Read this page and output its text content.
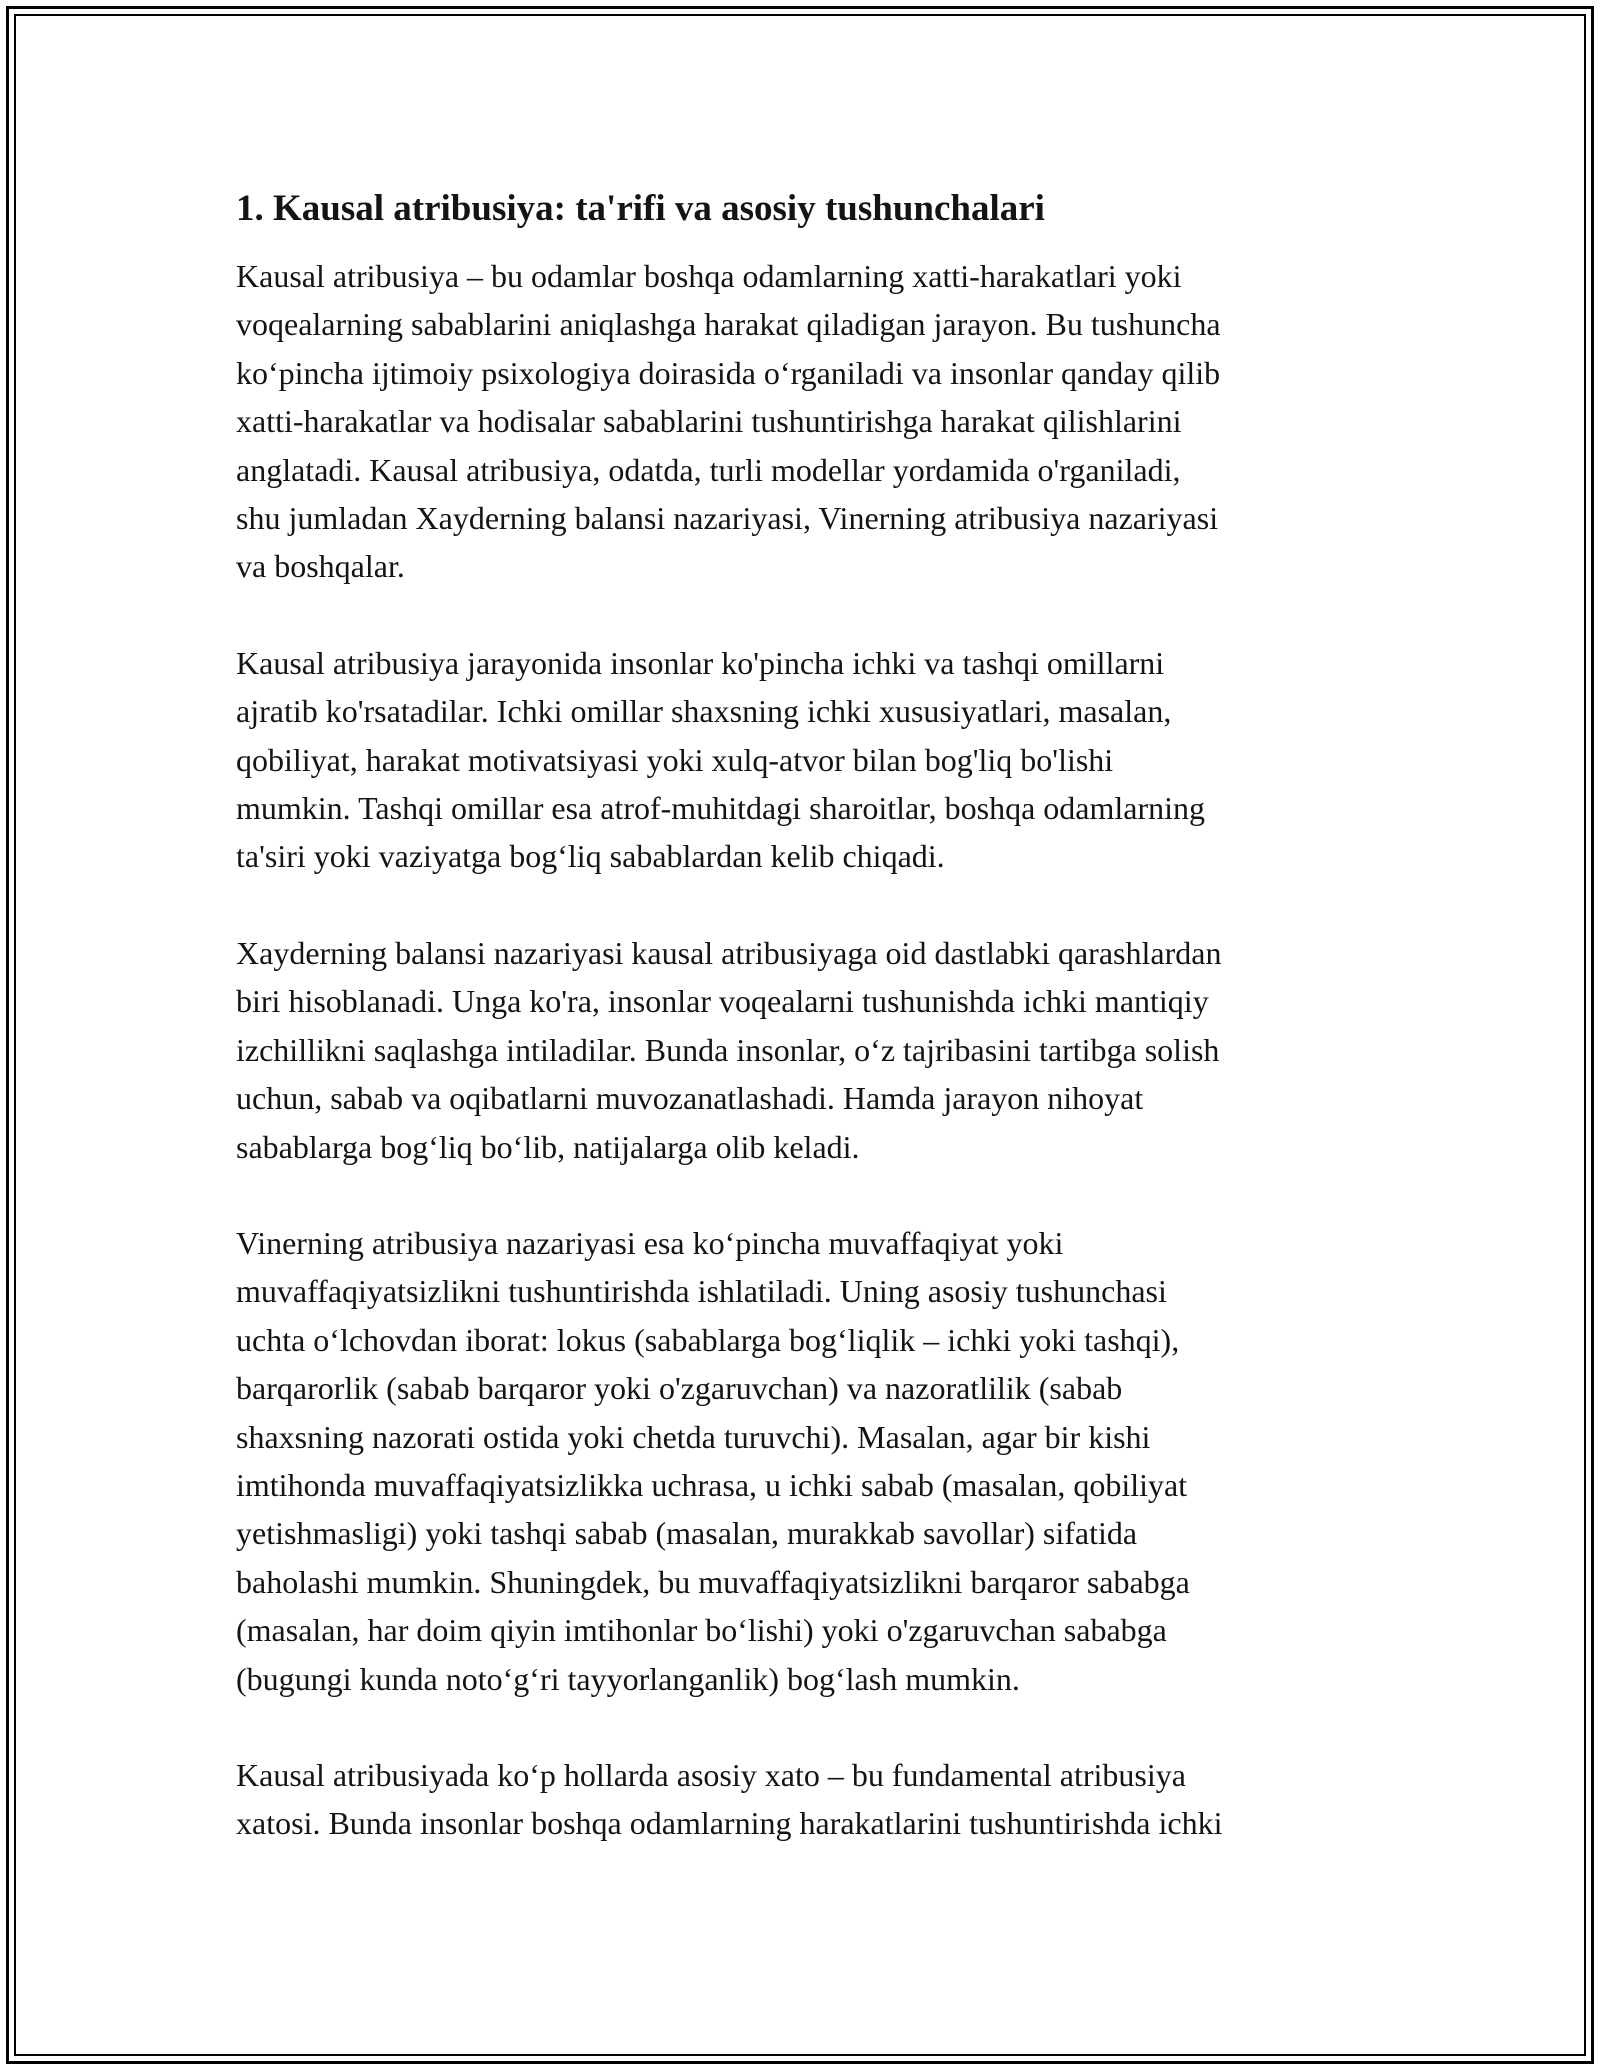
1. Kausal atribusiya: ta'rifi va asosiy tushunchalari

Kausal atribusiya – bu odamlar boshqa odamlarning xatti-harakatlari yoki
voqealarning sabablarini aniqlashga harakat qiladigan jarayon. Bu tushuncha
ko‘pincha ijtimoiy psixologiya doirasida o‘rganiladi va insonlar qanday qilib
xatti-harakatlar va hodisalar sabablarini tushuntirishga harakat qilishlarini
anglatadi. Kausal atribusiya, odatda, turli modellar yordamida o'rganiladi,
shu jumladan Xayderning balansi nazariyasi, Vinerning atribusiya nazariyasi
va boshqalar.

Kausal atribusiya jarayonida insonlar ko'pincha ichki va tashqi omillarni
ajratib ko'rsatadilar. Ichki omillar shaxsning ichki xususiyatlari, masalan,
qobiliyat, harakat motivatsiyasi yoki xulq-atvor bilan bog'liq bo'lishi
mumkin. Tashqi omillar esa atrof-muhitdagi sharoitlar, boshqa odamlarning
ta'siri yoki vaziyatga bog‘liq sabablardan kelib chiqadi.

Xayderning balansi nazariyasi kausal atribusiyaga oid dastlabki qarashlardan
biri hisoblanadi. Unga ko'ra, insonlar voqealarni tushunishda ichki mantiqiy
izchillikni saqlashga intiladilar. Bunda insonlar, o‘z tajribasini tartibga solish
uchun, sabab va oqibatlarni muvozanatlashadi. Hamda jarayon nihoyat
sabablarga bog‘liq bo‘lib, natijalarga olib keladi.

Vinerning atribusiya nazariyasi esa ko‘pincha muvaffaqiyat yoki
muvaffaqiyatsizlikni tushuntirishda ishlatiladi. Uning asosiy tushunchasi
uchta o‘lchovdan iborat: lokus (sabablarga bog‘liqlik – ichki yoki tashqi),
barqarorlik (sabab barqaror yoki o'zgaruvchan) va nazoratlilik (sabab
shaxsning nazorati ostida yoki chetda turuvchi). Masalan, agar bir kishi
imtihonda muvaffaqiyatsizlikka uchrasa, u ichki sabab (masalan, qobiliyat
yetishmasligi) yoki tashqi sabab (masalan, murakkab savollar) sifatida
baholashi mumkin. Shuningdek, bu muvaffaqiyatsizlikni barqaror sababga
(masalan, har doim qiyin imtihonlar bo‘lishi) yoki o'zgaruvchan sababga
(bugungi kunda noto‘g‘ri tayyorlanganlik) bog‘lash mumkin.

Kausal atribusiyada ko‘p hollarda asosiy xato – bu fundamental atribusiya
xatosi. Bunda insonlar boshqa odamlarning harakatlarini tushuntirishda ichki
